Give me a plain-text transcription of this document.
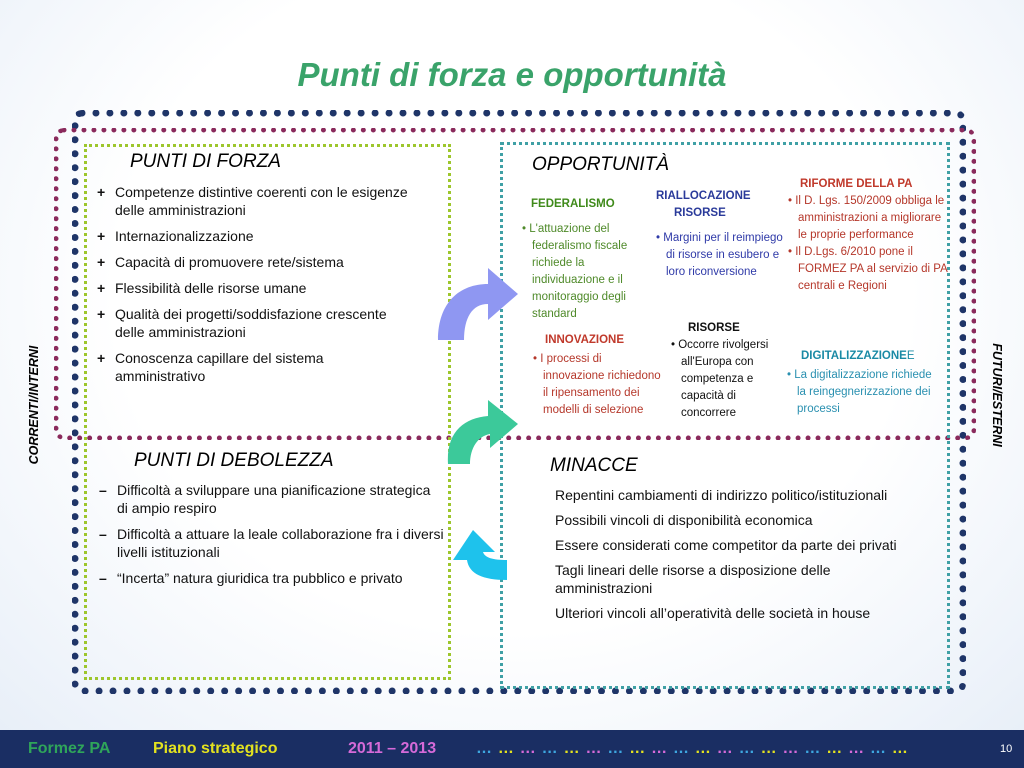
Punti di forza e opportunità
CORRENTI/INTERNI	FUTURI/ESTERNI
PUNTI DI FORZA
+ Competenze distintive coerenti con le esigenze delle amministrazioni
+ Internazionalizzazione
+ Capacità di promuovere rete/sistema
+ Flessibilità delle risorse umane
+ Qualità dei progetti/soddisfazione crescente delle amministrazioni
+ Conoscenza capillare del sistema amministrativo
PUNTI DI DEBOLEZZA
– Difficoltà a sviluppare una pianificazione strategica di ampio respiro
– Difficoltà a attuare la leale collaborazione fra i diversi livelli istituzionali
– “Incerta” natura giuridica tra pubblico e privato
OPPORTUNITÀ
FEDERALISMO
• L'attuazione del federalismo fiscale richiede la individuazione e il monitoraggio degli standard
RIALLOCAZIONE
RISORSE
• Margini per il reimpiego di risorse in esubero e loro riconversione
RIFORME DELLA PA
• Il D. Lgs. 150/2009 obbliga le amministrazioni a migliorare le proprie performance
• Il D.Lgs. 6/2010 pone il FORMEZ PA al servizio di PA centrali e Regioni
INNOVAZIONE
• I processi di innovazione richiedono il ripensamento dei modelli di selezione
RISORSE
• Occorre rivolgersi all'Europa con competenza e capacità di concorrere
DIGITALIZZAZIONEE
• La digitalizzazione richiede la reingegnerizzazione dei processi
MINACCE
Repentini cambiamenti di indirizzo politico/istituzionali
Possibili vincoli di disponibilità economica
Essere considerati come competitor da parte dei privati
Tagli lineari delle risorse a disposizione delle amministrazioni
Ulteriori vincoli all’operatività delle società in house
Formez PA	Piano strategico	2011 – 2013 … … … … … … … … … … … … … … … … … … … …	10
